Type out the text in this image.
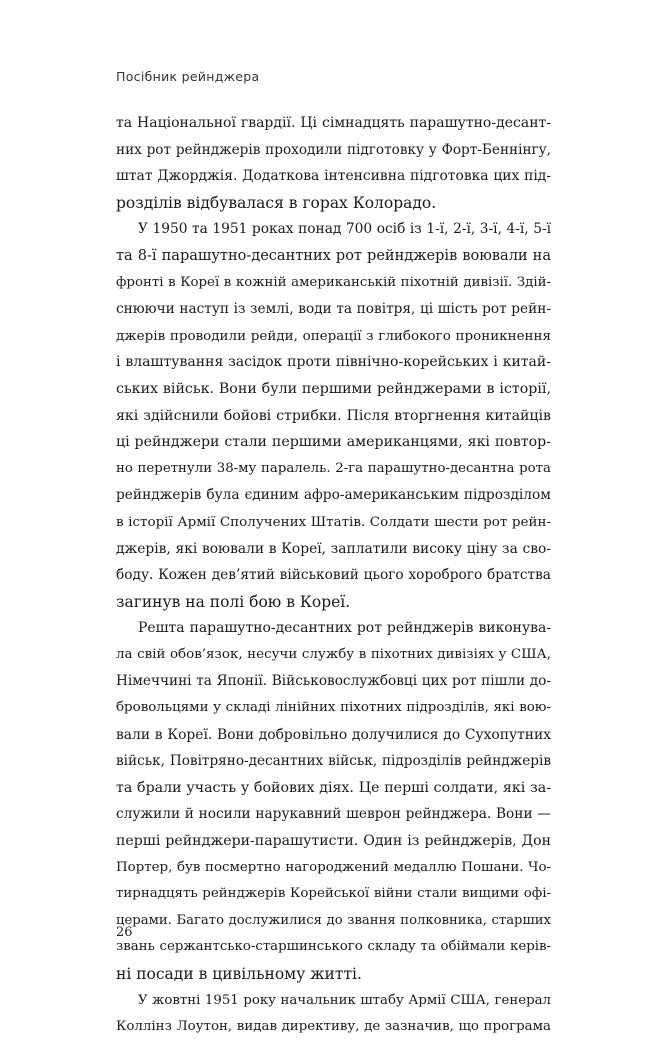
Посібник рейнджера
та Національної гвардії. Ці сімнадцять парашутно-десант-
них рот рейнджерів проходили підготовку у Форт-Беннінгу,
штат Джорджія. Додаткова інтенсивна підготовка цих під-
розділів відбувалася в горах Колорадо.
У 1950 та 1951 роках понад 700 осіб із 1-ї, 2-ї, 3-ї, 4-ї, 5-ї
та 8-ї парашутно-десантних рот рейнджерів воювали на
фронті в Кореї в кожній американській піхотній дивізії. Здій-
снюючи наступ із землі, води та повітря, ці шість рот рейн-
джерів проводили рейди, операції з глибокого проникнення
і влаштування засідок проти північно-корейських і китай-
ських військ. Вони були першими рейнджерами в історії,
які здійснили бойові стрибки. Після вторгнення китайців
ці рейнджери стали першими американцями, які повтор-
но перетнули 38-му паралель. 2-га парашутно-десантна рота
рейнджерів була єдиним афро-американським підрозділом
в історії Армії Сполучених Штатів. Солдати шести рот рейн-
джерів, які воювали в Кореї, заплатили високу ціну за сво-
боду. Кожен дев’ятий військовий цього хороброго братства
загинув на полі бою в Кореї.
Решта парашутно-десантних рот рейнджерів виконува-
ла свій обов’язок, несучи службу в піхотних дивізіях у США,
Німеччині та Японії. Військовослужбовці цих рот пішли до-
бровольцями у складі лінійних піхотних підрозділів, які вою-
вали в Кореї. Вони добровільно долучилися до Сухопутних
військ, Повітряно-десантних військ, підрозділів рейнджерів
та брали участь у бойових діях. Це перші солдати, які за-
служили й носили нарукавний шеврон рейнджера. Вони —
перші рейнджери-парашутисти. Один із рейнджерів, Дон
Портер, був посмертно нагороджений медаллю Пошани. Чо-
тирнадцять рейнджерів Корейської війни стали вищими офі-
церами. Багато дослужилися до звання полковника, старших
звань сержантсько-старшинського складу та обіймали керів-
ні посади в цивільному житті.
У жовтні 1951 року начальник штабу Армії США, генерал
Коллінз Лоутон, видав директиву, де зазначив, що програма
26
